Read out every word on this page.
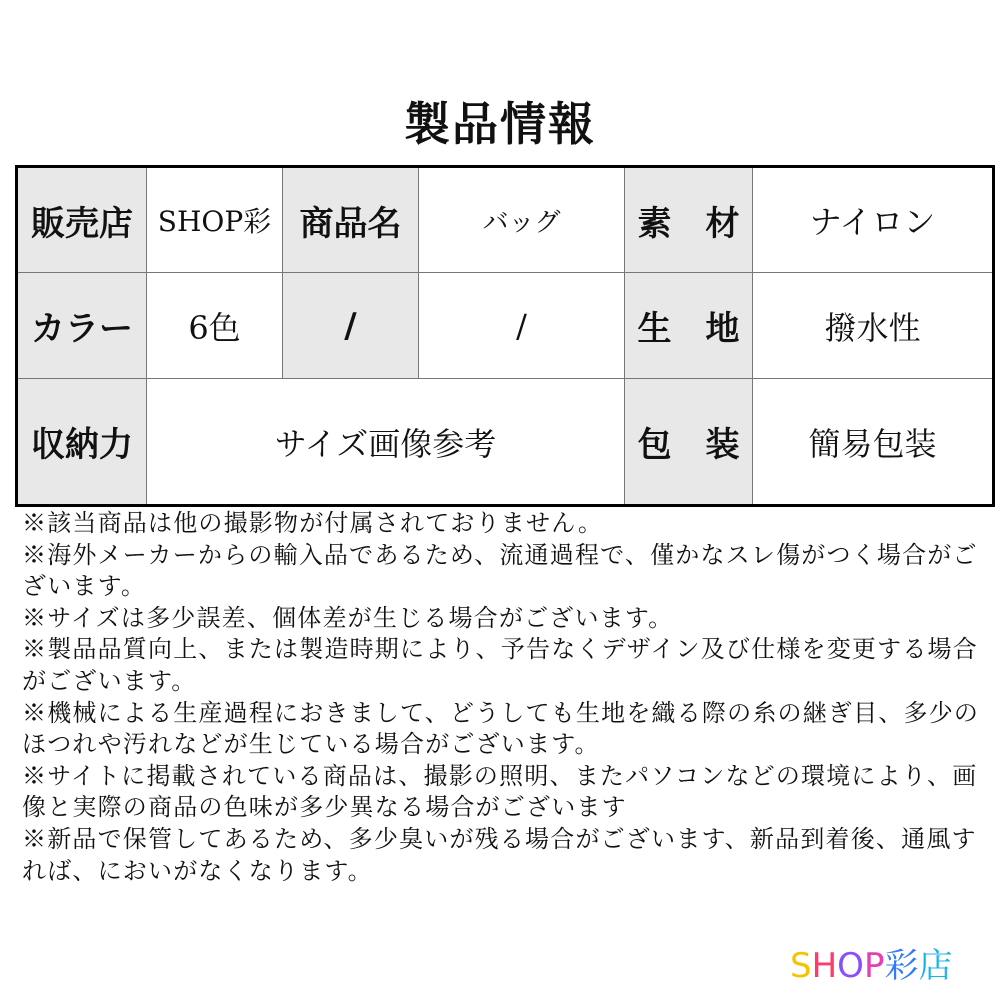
製品情報
販売店	SHOP彩	商品名	バッグ	素　材	ナイロン
カラー	6色	/	/	生　地	撥水性
収納力	サイズ画像参考			包　装	簡易包装

※該当商品は他の撮影物が付属されておりません。

※海外メーカーからの輸入品であるため、流通過程で、僅かなスレ傷がつく場合がございます。

※サイズは多少誤差、個体差が生じる場合がございます。

※製品品質向上、または製造時期により、予告なくデザイン及び仕様を変更する場合がございます。

※機械による生産過程におきまして、どうしても生地を織る際の糸の継ぎ目、多少のほつれや汚れなどが生じている場合がございます。

※サイトに掲載されている商品は、撮影の照明、またパソコンなどの環境により、画像と実際の商品の色味が多少異なる場合がございます

※新品で保管してあるため、多少臭いが残る場合がございます、新品到着後、通風すれば、においがなくなります。

SHOP彩店
